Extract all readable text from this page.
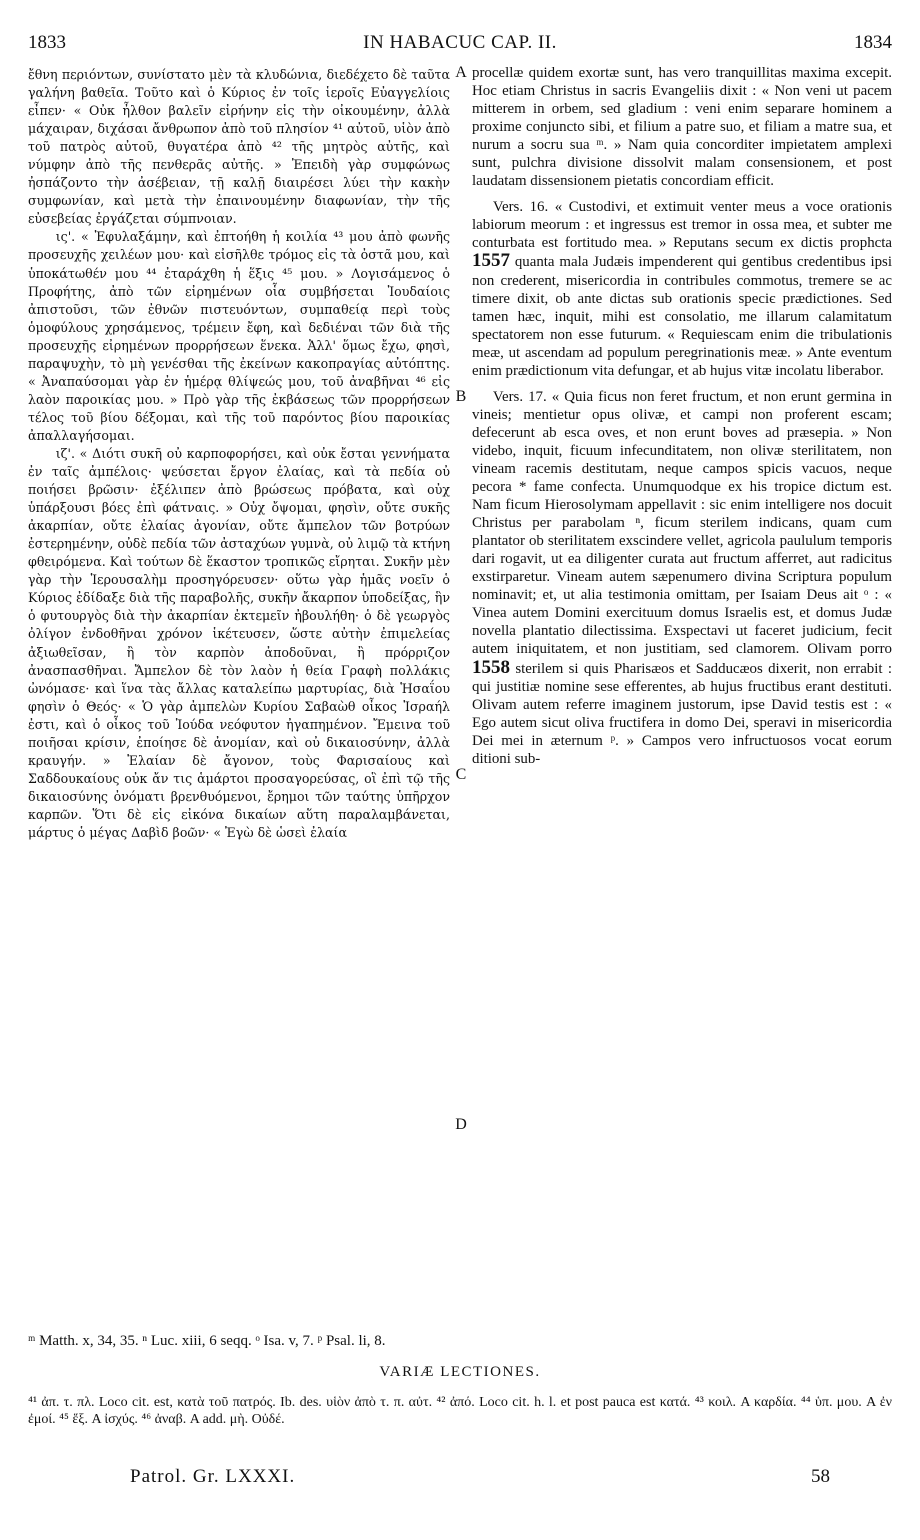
1833	IN HABACUC CAP. II.	1834

ἔθνη περιόντων, συνίστατο μὲν τὰ κλυδώνια, διεδέχετο δὲ ταῦτα γαλήνη βαθεῖα. Τοῦτο καὶ ὁ Κύριος ἐν τοῖς ἱεροῖς Εὐαγγελίοις εἶπεν· « Οὐκ ἦλθον βαλεῖν εἰρήνην εἰς τὴν οἰκουμένην, ἀλλὰ μάχαιραν, διχάσαι ἄνθρωπον ἀπὸ τοῦ πλησίον ⁴¹ αὐτοῦ, υἱὸν ἀπὸ τοῦ πατρὸς αὐτοῦ, θυγατέρα ἀπὸ ⁴² τῆς μητρὸς αὐτῆς, καὶ νύμφην ἀπὸ τῆς πενθερᾶς αὐτῆς. » Ἐπειδὴ γὰρ συμφώνως ἠσπάζοντο τὴν ἀσέβειαν, τῇ καλῇ διαιρέσει λύει τὴν κακὴν συμφωνίαν, καὶ μετὰ τὴν ἐπαινουμένην διαφωνίαν, τὴν τῆς εὐσεβείας ἐργάζεται σύμπνοιαν.

ις'. « Ἐφυλαξάμην, καὶ ἐπτοήθη ἡ κοιλία ⁴³ μου ἀπὸ φωνῆς προσευχῆς χειλέων μου· καὶ εἰσῆλθε τρόμος εἰς τὰ ὀστᾶ μου, καὶ ὑποκάτωθέν μου ⁴⁴ ἐταράχθη ἡ ἕξις ⁴⁵ μου. » Λογισάμενος ὁ Προφήτης, ἀπὸ τῶν εἰρημένων οἷα συμβήσεται Ἰουδαίοις ἀπιστοῦσι, τῶν ἐθνῶν πιστευόντων, συμπαθείᾳ περὶ τοὺς ὁμοφύλους χρησάμενος, τρέμειν ἔφη, καὶ δεδιέναι τῶν διὰ τῆς προσευχῆς εἰρημένων προρρήσεων ἕνεκα. Ἀλλ' ὅμως ἔχω, φησὶ, παραψυχὴν, τὸ μὴ γενέσθαι τῆς ἐκείνων κακοπραγίας αὐτόπτης. « Ἀναπαύσομαι γὰρ ἐν ἡμέρᾳ θλίψεώς μου, τοῦ ἀναβῆναι ⁴⁶ εἰς λαὸν παροικίας μου. » Πρὸ γὰρ τῆς ἐκβάσεως τῶν προρρήσεων τέλος τοῦ βίου δέξομαι, καὶ τῆς τοῦ παρόντος βίου παροικίας ἀπαλλαγήσομαι.

ιζ'. « Διότι συκῆ οὐ καρποφορήσει, καὶ οὐκ ἔσται γεννήματα ἐν ταῖς ἀμπέλοις· ψεύσεται ἔργον ἐλαίας, καὶ τὰ πεδία οὐ ποιήσει βρῶσιν· ἐξέλιπεν ἀπὸ βρώσεως πρόβατα, καὶ οὐχ ὑπάρξουσι βόες ἐπὶ φάτναις. » Οὐχ ὄψομαι, φησὶν, οὔτε συκῆς ἀκαρπίαν, οὔτε ἐλαίας ἀγονίαν, οὔτε ἄμπελον τῶν βοτρύων ἐστερημένην, οὐδὲ πεδία τῶν ἀσταχύων γυμνὰ, οὐ λιμῷ τὰ κτήνη φθειρόμενα. Καὶ τούτων δὲ ἕκαστον τροπικῶς εἴρηται. Συκῆν μὲν γὰρ τὴν Ἱερουσαλὴμ προσηγόρευσεν· οὕτω γὰρ ἡμᾶς νοεῖν ὁ Κύριος ἐδίδαξε διὰ τῆς παραβολῆς, συκῆν ἄκαρπον ὑποδείξας, ἣν ὁ φυτουργὸς διὰ τὴν ἀκαρπίαν ἐκτεμεῖν ἠβουλήθη· ὁ δὲ γεωργὸς ὀλίγον ἐνδοθῆναι χρόνον ἱκέτευσεν, ὥστε αὐτὴν ἐπιμελείας ἀξιωθεῖσαν, ἢ τὸν καρπὸν ἀποδοῦναι, ἢ πρόρριζον ἀνασπασθῆναι. Ἄμπελον δὲ τὸν λαὸν ἡ θεία Γραφὴ πολλάκις ὠνόμασε· καὶ ἵνα τὰς ἄλλας καταλείπω μαρτυρίας, διὰ Ἡσαΐου φησὶν ὁ Θεός· « Ὁ γὰρ ἀμπελὼν Κυρίου Σαβαὼθ οἶκος Ἰσραήλ ἐστι, καὶ ὁ οἶκος τοῦ Ἰούδα νεόφυτον ἠγαπημένον. Ἔμεινα τοῦ ποιῆσαι κρίσιν, ἐποίησε δὲ ἀνομίαν, καὶ οὐ δικαιοσύνην, ἀλλὰ κραυγήν. » Ἐλαίαν δὲ ἄγονον, τοὺς Φαρισαίους καὶ Σαδδουκαίους οὐκ ἄν τις ἁμάρτοι προσαγορεύσας, οἳ ἐπὶ τῷ τῆς δικαιοσύνης ὀνόματι βρενθυόμενοι, ἔρημοι τῶν ταύτης ὑπῆρχον καρπῶν. Ὅτι δὲ εἰς εἰκόνα δικαίων αὕτη παραλαμβάνεται, μάρτυς ὁ μέγας Δαβὶδ βοῶν· « Ἐγὼ δὲ ὡσεὶ ἐλαία

A
B
C
D

procellæ quidem exortæ sunt, has vero tranquillitas maxima excepit. Hoc etiam Christus in sacris Evangeliis dixit : « Non veni ut pacem mitterem in orbem, sed gladium : veni enim separare hominem a proxime conjuncto sibi, et filium a patre suo, et filiam a matre sua, et nurum a socru sua ᵐ. » Nam quia concorditer impietatem amplexi sunt, pulchra divisione dissolvit malam consensionem, et post laudatam dissensionem pietatis concordiam efficit.

Vers. 16. « Custodivi, et extimuit venter meus a voce orationis labiorum meorum : et ingressus est tremor in ossa mea, et subter me conturbata est fortitudo mea. » Reputans secum ex dictis prophcta 1557 quanta mala Judæis impenderent qui gentibus credentibus ipsi non crederent, misericordia in contribules commotus, tremere se ac timere dixit, ob ante dictas sub orationis speciє prædictiones. Sed tamen hæc, inquit, mihi est consolatio, me illarum calamitatum spectatorem non esse futurum. « Requiescam enim die tribulationis meæ, ut ascendam ad populum peregrinationis meæ. » Ante eventum enim prædictionum vita defungar, et ab hujus vitæ incolatu liberabor.

Vers. 17. « Quia ficus non feret fructum, et non erunt germina in vineis; mentietur opus olivæ, et campi non proferent escam; defecerunt ab esca oves, et non erunt boves ad præsepia. » Non videbo, inquit, ficuum infecunditatem, non olivæ sterilitatem, non vineam racemis destitutam, neque campos spicis vacuos, neque pecora * fame confecta. Unumquodque ex his tropice dictum est. Nam ficum Hierosolymam appellavit : sic enim intelligere nos docuit Christus per parabolam ⁿ, ficum sterilem indicans, quam cum plantator ob sterilitatem exscindere vellet, agricola paululum temporis dari rogavit, ut ea diligenter curata aut fructum afferret, aut radicitus exstirparetur. Vineam autem sæpenumero divina Scriptura populum nominavit; et, ut alia testimonia omittam, per Isaiam Deus ait ᵒ : « Vinea autem Domini exercituum domus Israelis est, et domus Judæ novella plantatio dilectissima. Exspectavi ut faceret judicium, fecit autem iniquitatem, et non justitiam, sed clamorem. Olivam porro 1558 sterilem si quis Pharisæos et Sadducæos dixerit, non errabit : qui justitiæ nomine sese efferentes, ab hujus fructibus erant destituti. Olivam autem referre imaginem justorum, ipse David testis est : « Ego autem sicut oliva fructifera in domo Dei, speravi in misericordia Dei mei in æternum ᵖ. » Campos vero infructuosos vocat eorum ditioni sub-

ᵐ Matth. x, 34, 35. ⁿ Luc. xiii, 6 seqq. ᵒ Isa. v, 7. ᵖ Psal. li, 8.
VARIÆ LECTIONES.
⁴¹ ἀπ. τ. πλ. Loco cit. est, κατὰ τοῦ πατρός. Ib. des. υἱὸν ἀπὸ τ. π. αὐτ. ⁴² ἀπό. Loco cit. h. l. et post pauca est κατά. ⁴³ κοιλ. A καρδία. ⁴⁴ ὑπ. μου. A ἐν ἐμοί. ⁴⁵ ἕξ. A ἰσχύς. ⁴⁶ ἀναβ. A add. μὴ. Οὐδέ.
Patrol. Gr. LXXXI.	58
